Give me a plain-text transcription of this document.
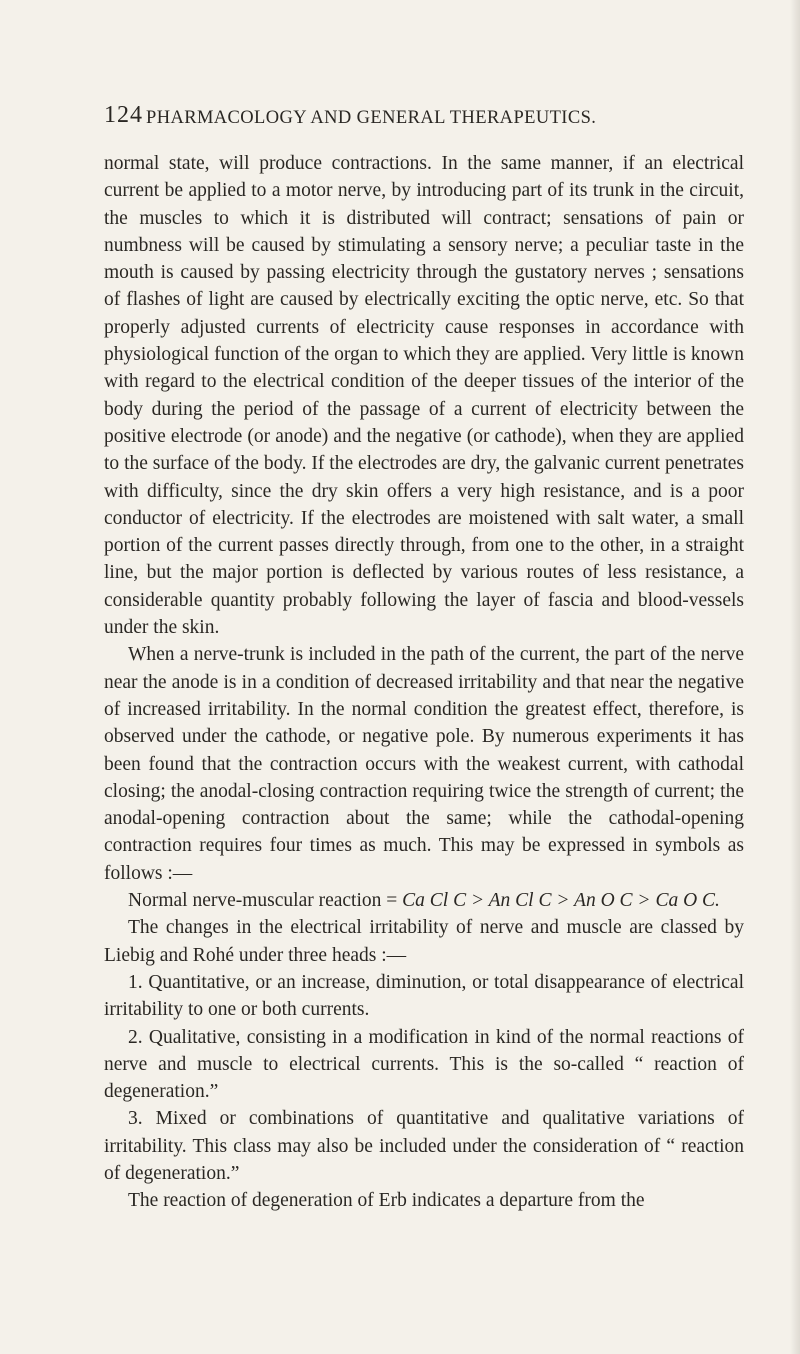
124 PHARMACOLOGY AND GENERAL THERAPEUTICS.

normal state, will produce contractions. In the same manner, if an electrical current be applied to a motor nerve, by introducing part of its trunk in the circuit, the muscles to which it is distributed will contract; sensations of pain or numbness will be caused by stimulating a sensory nerve; a peculiar taste in the mouth is caused by passing electricity through the gustatory nerves ; sensations of flashes of light are caused by electrically exciting the optic nerve, etc. So that properly adjusted currents of electricity cause responses in accordance with physiological function of the organ to which they are applied. Very little is known with regard to the electrical condition of the deeper tissues of the interior of the body during the period of the passage of a current of electricity between the positive electrode (or anode) and the negative (or cathode), when they are applied to the surface of the body. If the electrodes are dry, the galvanic current penetrates with difficulty, since the dry skin offers a very high resistance, and is a poor conductor of electricity. If the electrodes are moistened with salt water, a small portion of the current passes directly through, from one to the other, in a straight line, but the major portion is deflected by various routes of less resistance, a considerable quantity probably following the layer of fascia and blood-vessels under the skin.

When a nerve-trunk is included in the path of the current, the part of the nerve near the anode is in a condition of decreased irritability and that near the negative of increased irritability. In the normal condition the greatest effect, therefore, is observed under the cathode, or negative pole. By numerous experiments it has been found that the contraction occurs with the weakest current, with cathodal closing; the anodal-closing contraction requiring twice the strength of current; the anodal-opening contraction about the same; while the cathodal-opening contraction requires four times as much. This may be expressed in symbols as follows :—

Normal nerve-muscular reaction = Ca Cl C > An Cl C > An O C > Ca O C.

The changes in the electrical irritability of nerve and muscle are classed by Liebig and Rohé under three heads :—

1. Quantitative, or an increase, diminution, or total disappearance of electrical irritability to one or both currents.

2. Qualitative, consisting in a modification in kind of the normal reactions of nerve and muscle to electrical currents. This is the so-called “ reaction of degeneration.”

3. Mixed or combinations of quantitative and qualitative variations of irritability. This class may also be included under the consideration of “ reaction of degeneration.”

The reaction of degeneration of Erb indicates a departure from the
